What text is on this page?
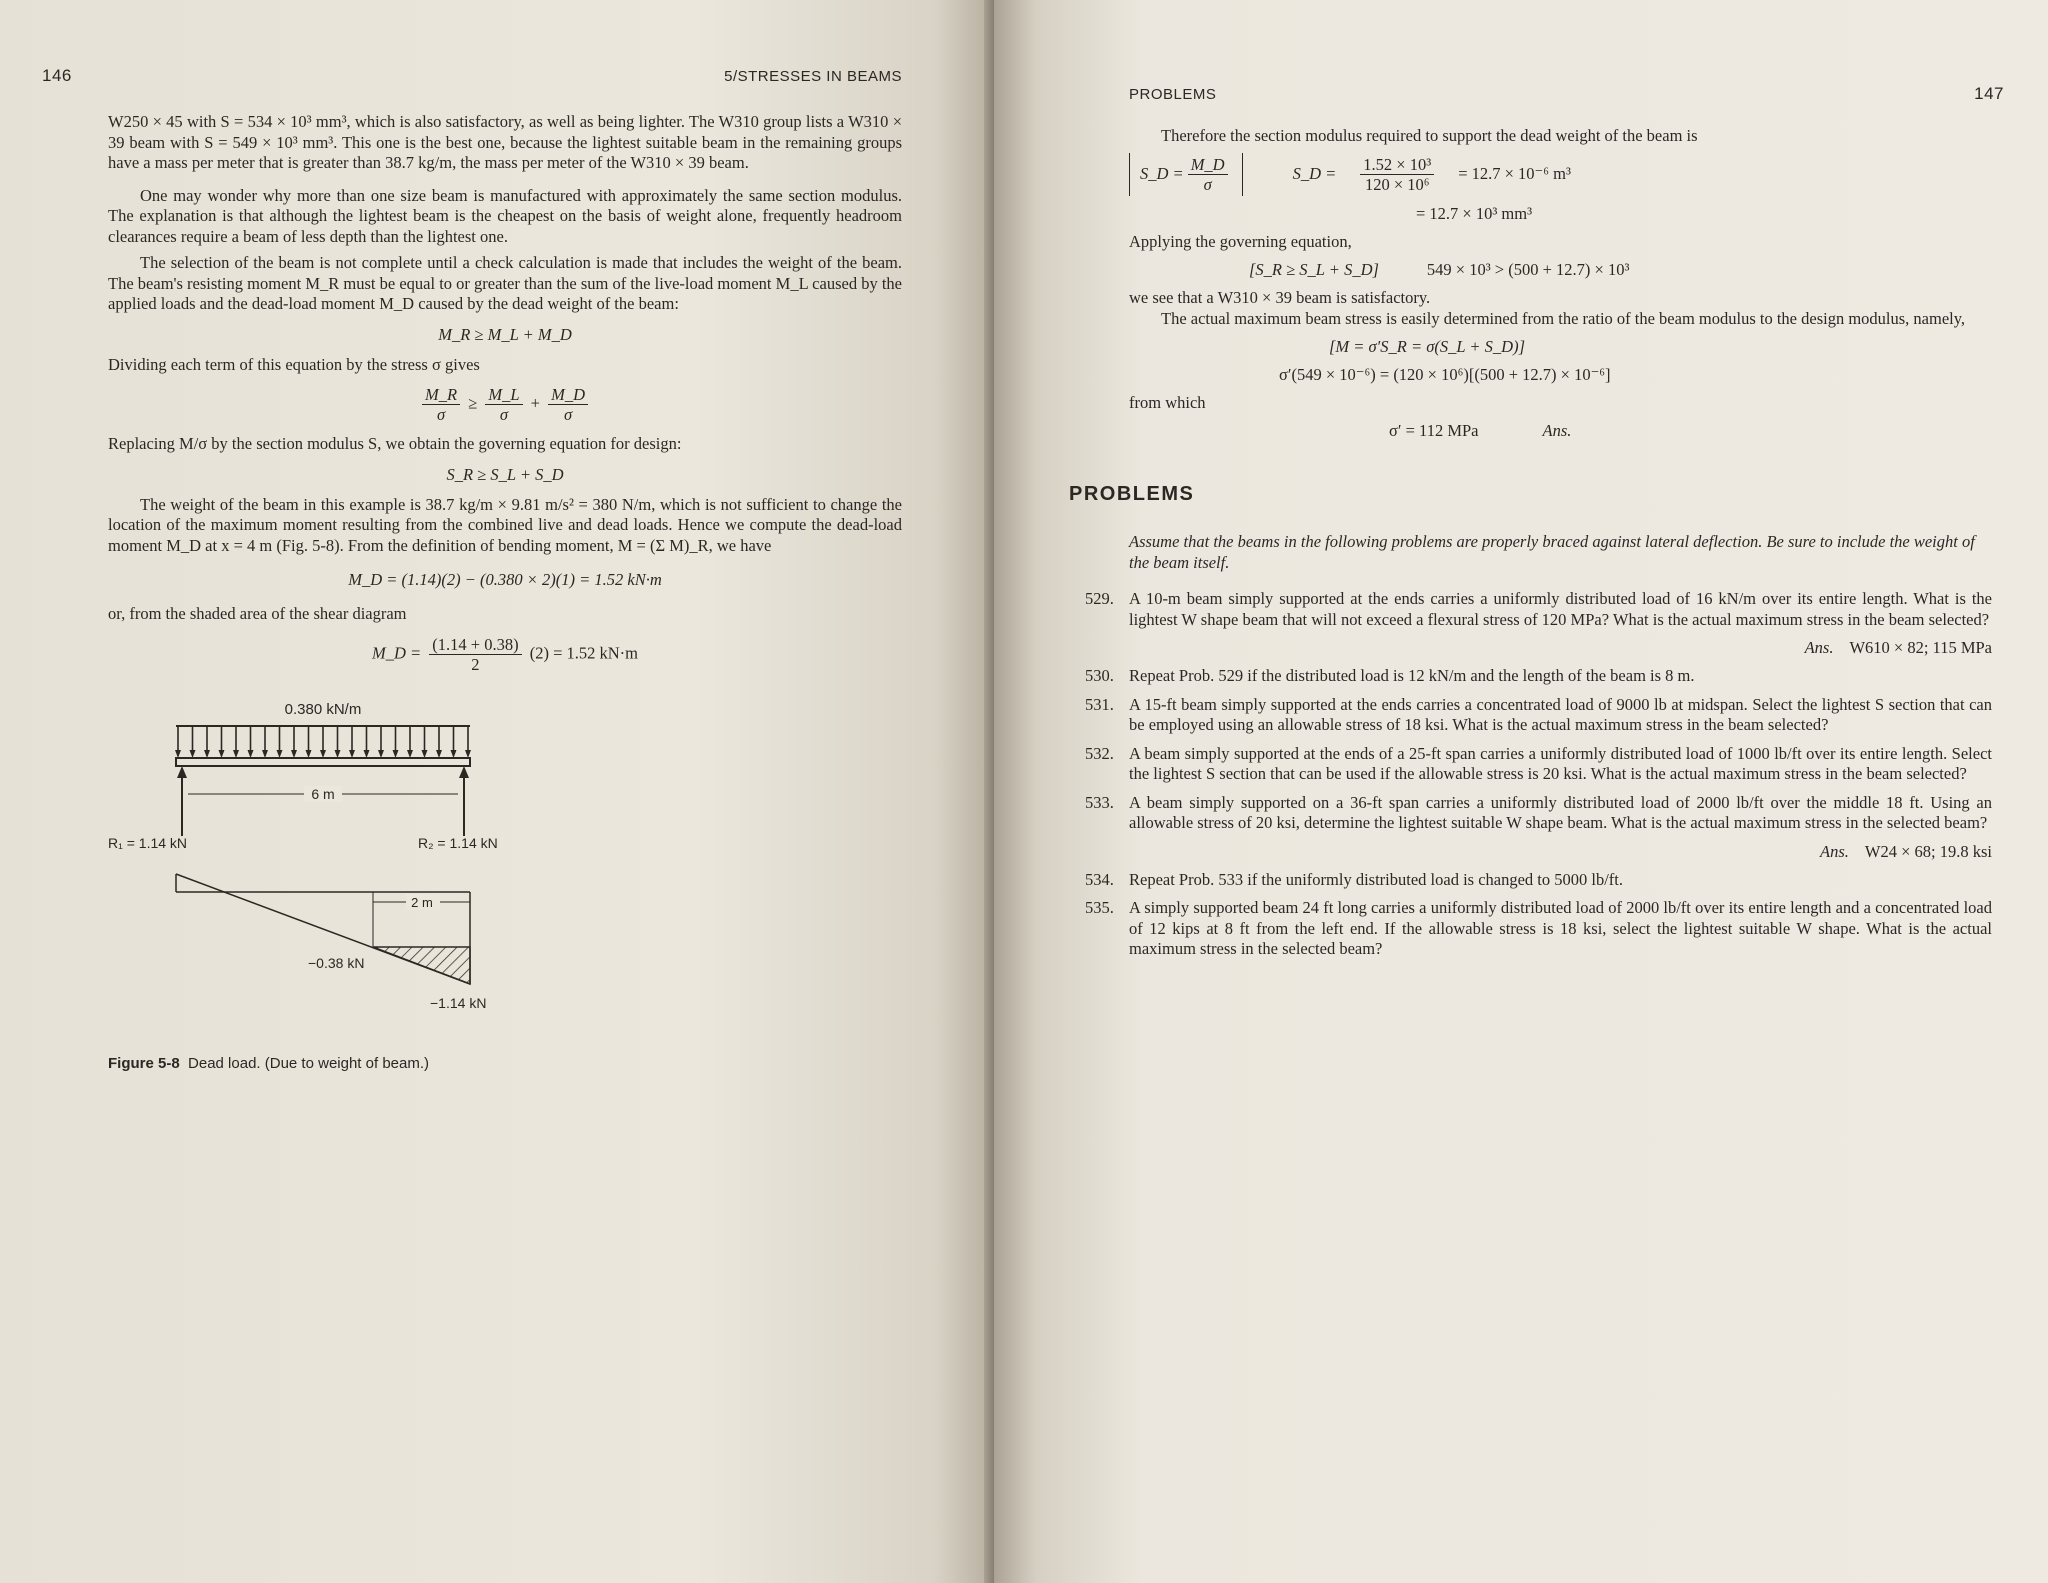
146	5/STRESSES IN BEAMS

W250 × 45 with S = 534 × 10³ mm³, which is also satisfactory, as well as being lighter. The W310 group lists a W310 × 39 beam with S = 549 × 10³ mm³. This one is the best one, because the lightest suitable beam in the remaining groups have a mass per meter that is greater than 38.7 kg/m, the mass per meter of the W310 × 39 beam.

One may wonder why more than one size beam is manufactured with approximately the same section modulus. The explanation is that although the lightest beam is the cheapest on the basis of weight alone, frequently headroom clearances require a beam of less depth than the lightest one.

The selection of the beam is not complete until a check calculation is made that includes the weight of the beam. The beam's resisting moment M_R must be equal to or greater than the sum of the live-load moment M_L caused by the applied loads and the dead-load moment M_D caused by the dead weight of the beam:

M_R ≥ M_L + M_D

Dividing each term of this equation by the stress σ gives

$\frac{M\_R}{\sigma} \ge \frac{M\_L}{\sigma} + \frac{M\_D}{\sigma}$

Replacing M/σ by the section modulus S, we obtain the governing equation for design:

S_R ≥ S_L + S_D

The weight of the beam in this example is 38.7 kg/m × 9.81 m/s² = 380 N/m, which is not sufficient to change the location of the maximum moment resulting from the combined live and dead loads. Hence we compute the dead-load moment M_D at x = 4 m (Fig. 5-8). From the definition of bending moment, M = (Σ M)_R, we have

M_D = (1.14)(2) − (0.380 × 2)(1) = 1.52 kN·m

or, from the shaded area of the shear diagram

M_D = $\frac{(1.14 + 0.38)}{2} (2) = 1.52$ kN·m
0.380 kN/m
6 m
R₁ = 1.14 kN	R₂ = 1.14 kN
2 m
−0.38 kN
−1.14 kN
Figure 5-8 Dead load. (Due to weight of beam.)
PROBLEMS	147

Therefore the section modulus required to support the dead weight of the beam is

S_D = $\frac{M\_D}{\sigma}$	S_D = $\frac{\text{1.52 × 10³}}{\text{120 × 10⁶}} = 12.7 \times 10^{-6}$ m³
= 12.7 × 10³ mm³

Applying the governing equation,

[S_R ≥ S_L + S_D]	549 × 10³ > (500 + 12.7) × 10³

we see that a W310 × 39 beam is satisfactory.

The actual maximum beam stress is easily determined from the ratio of the beam modulus to the design modulus, namely,

[M = σ′S_R = σ(S_L + S_D)]
σ′(549 × 10⁻⁶) = (120 × 10⁶)[(500 + 12.7) × 10⁻⁶]
from which
σ′ = 112 MPa	Ans.
PROBLEMS

Assume that the beams in the following problems are properly braced against lateral deflection. Be sure to include the weight of the beam itself.

529. A 10-m beam simply supported at the ends carries a uniformly distributed load of 16 kN/m over its entire length. What is the lightest W shape beam that will not exceed a flexural stress of 120 MPa? What is the actual maximum stress in the beam selected?
Ans. W610 × 82; 115 MPa
530. Repeat Prob. 529 if the distributed load is 12 kN/m and the length of the beam is 8 m.
531. A 15-ft beam simply supported at the ends carries a concentrated load of 9000 lb at midspan. Select the lightest S section that can be employed using an allowable stress of 18 ksi. What is the actual maximum stress in the beam selected?
532. A beam simply supported at the ends of a 25-ft span carries a uniformly distributed load of 1000 lb/ft over its entire length. Select the lightest S section that can be used if the allowable stress is 20 ksi. What is the actual maximum stress in the beam selected?
533. A beam simply supported on a 36-ft span carries a uniformly distributed load of 2000 lb/ft over the middle 18 ft. Using an allowable stress of 20 ksi, determine the lightest suitable W shape beam. What is the actual maximum stress in the selected beam?
Ans. W24 × 68; 19.8 ksi
534. Repeat Prob. 533 if the uniformly distributed load is changed to 5000 lb/ft.
535. A simply supported beam 24 ft long carries a uniformly distributed load of 2000 lb/ft over its entire length and a concentrated load of 12 kips at 8 ft from the left end. If the allowable stress is 18 ksi, select the lightest suitable W shape. What is the actual maximum stress in the selected beam?
